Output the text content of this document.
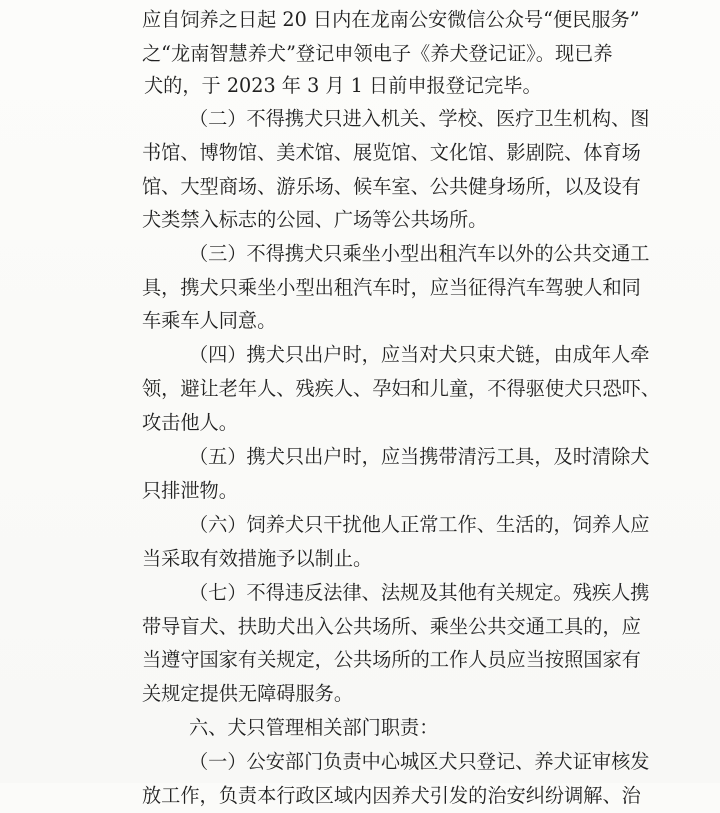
应自饲养之日起 20 日内在龙南公安微信公众号“便民服务”
之“龙南智慧养犬”登记申领电子《养犬登记证》。现已养
犬的，于 2023 年 3 月 1 日前申报登记完毕。
（二）不得携犬只进入机关、学校、医疗卫生机构、图
书馆、博物馆、美术馆、展览馆、文化馆、影剧院、体育场
馆、大型商场、游乐场、候车室、公共健身场所，以及设有
犬类禁入标志的公园、广场等公共场所。
（三）不得携犬只乘坐小型出租汽车以外的公共交通工
具，携犬只乘坐小型出租汽车时，应当征得汽车驾驶人和同
车乘车人同意。
（四）携犬只出户时，应当对犬只束犬链，由成年人牵
领，避让老年人、残疾人、孕妇和儿童，不得驱使犬只恐吓、
攻击他人。
（五）携犬只出户时，应当携带清污工具，及时清除犬
只排泄物。
（六）饲养犬只干扰他人正常工作、生活的，饲养人应
当采取有效措施予以制止。
（七）不得违反法律、法规及其他有关规定。残疾人携
带导盲犬、扶助犬出入公共场所、乘坐公共交通工具的，应
当遵守国家有关规定，公共场所的工作人员应当按照国家有
关规定提供无障碍服务。
六、犬只管理相关部门职责：
（一）公安部门负责中心城区犬只登记、养犬证审核发
放工作，负责本行政区域内因养犬引发的治安纠纷调解、治
